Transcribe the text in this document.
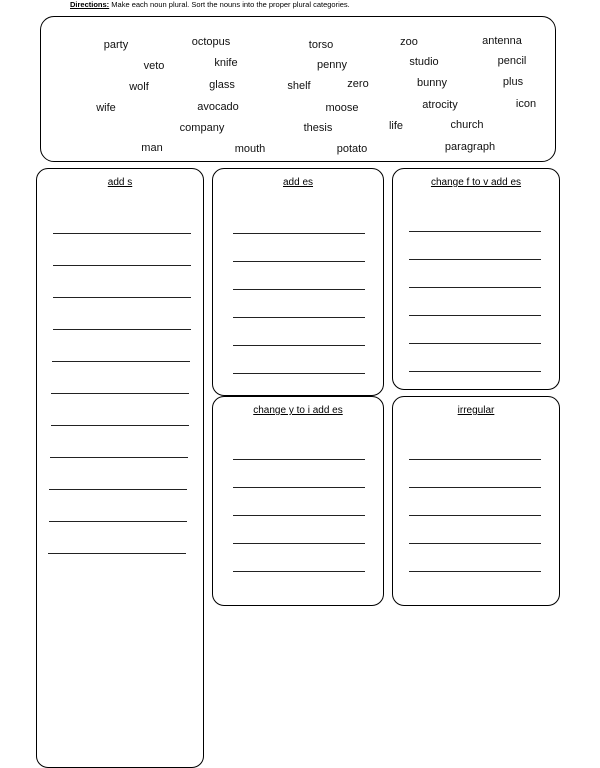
Directions: Make each noun plural. Sort the nouns into the proper plural categories.
party	octopus	torso	zoo	antenna
veto	knife	penny	studio	pencil
wolf	glass	shelf	zero	bunny	plus
wife	avocado	moose	atrocity	icon
company	thesis	life	church
man	mouth	potato	paragraph
add s	add es	change f to v add es
change y to i add es	irregular
